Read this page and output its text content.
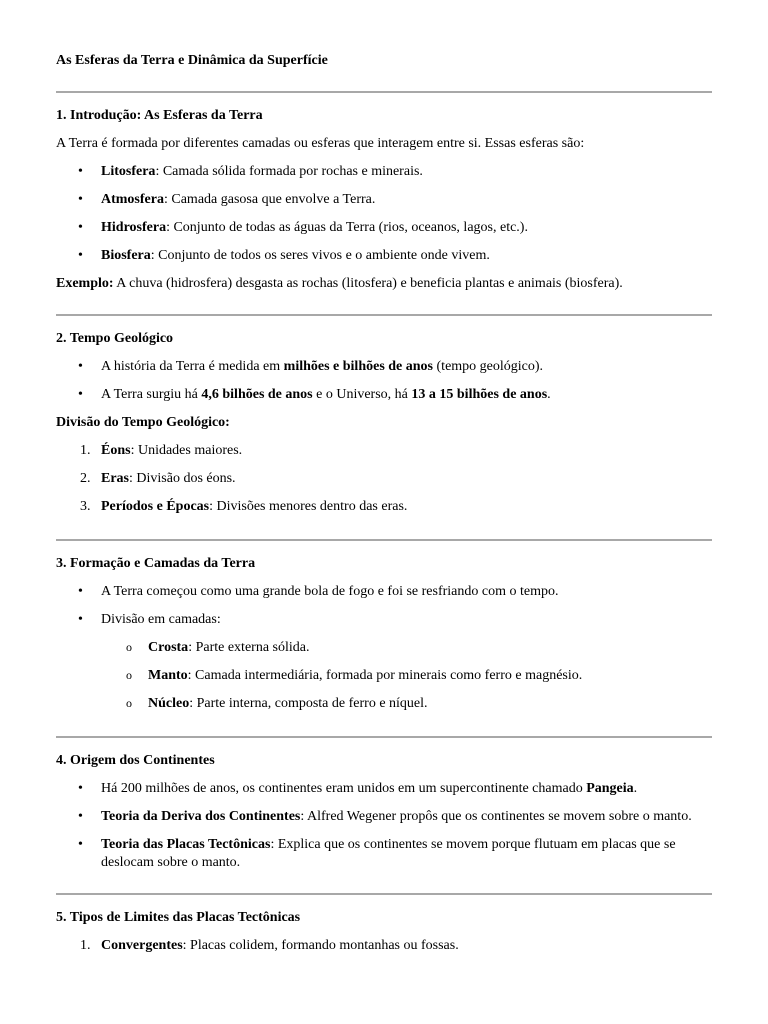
As Esferas da Terra e Dinâmica da Superfície
1. Introdução: As Esferas da Terra

A Terra é formada por diferentes camadas ou esferas que interagem entre si. Essas esferas são:

• Litosfera: Camada sólida formada por rochas e minerais.
• Atmosfera: Camada gasosa que envolve a Terra.
• Hidrosfera: Conjunto de todas as águas da Terra (rios, oceanos, lagos, etc.).
• Biosfera: Conjunto de todos os seres vivos e o ambiente onde vivem.

Exemplo: A chuva (hidrosfera) desgasta as rochas (litosfera) e beneficia plantas e animais (biosfera).

2. Tempo Geológico
• A história da Terra é medida em milhões e bilhões de anos (tempo geológico).
• A Terra surgiu há 4,6 bilhões de anos e o Universo, há 13 a 15 bilhões de anos.
Divisão do Tempo Geológico:
1. Éons: Unidades maiores.
2. Eras: Divisão dos éons.
3. Períodos e Épocas: Divisões menores dentro das eras.
3. Formação e Camadas da Terra
• A Terra começou como uma grande bola de fogo e foi se resfriando com o tempo.
• Divisão em camadas:
o Crosta: Parte externa sólida.
o Manto: Camada intermediária, formada por minerais como ferro e magnésio.
o Núcleo: Parte interna, composta de ferro e níquel.
4. Origem dos Continentes
• Há 200 milhões de anos, os continentes eram unidos em um supercontinente chamado Pangeia.
• Teoria da Deriva dos Continentes: Alfred Wegener propôs que os continentes se movem sobre o manto.
• Teoria das Placas Tectônicas: Explica que os continentes se movem porque flutuam em placas que se deslocam sobre o manto.
5. Tipos de Limites das Placas Tectônicas
1. Convergentes: Placas colidem, formando montanhas ou fossas.
